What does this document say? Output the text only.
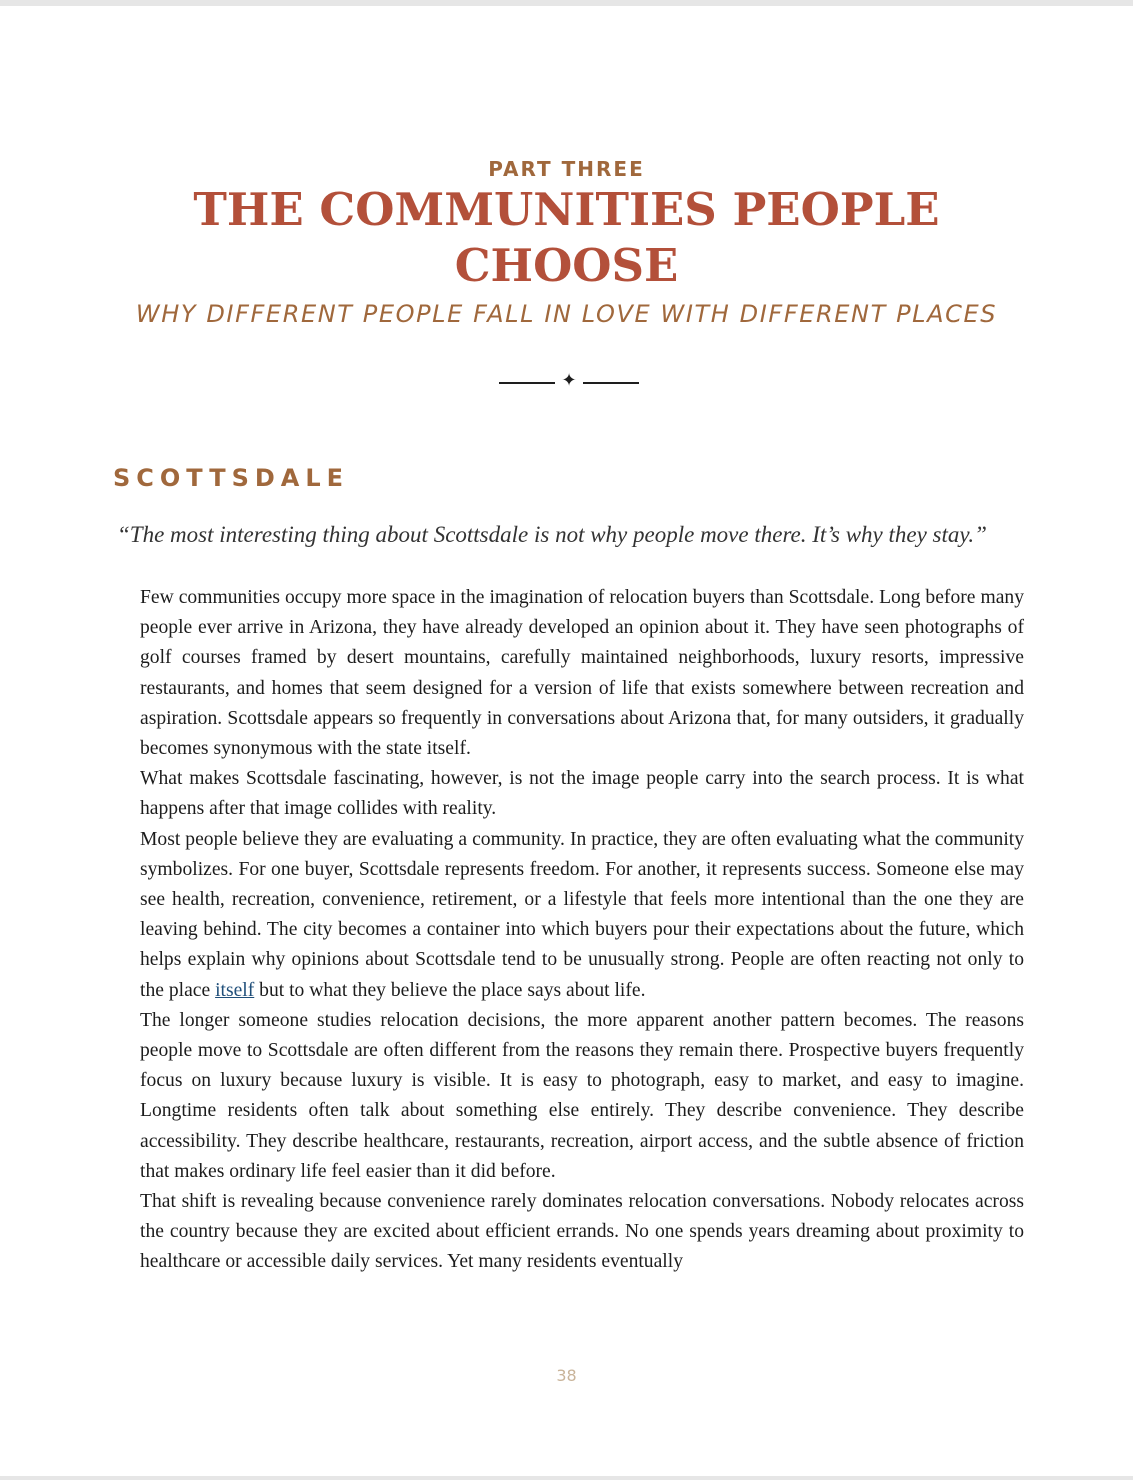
PART THREE
THE COMMUNITIES PEOPLE
CHOOSE
WHY DIFFERENT PEOPLE FALL IN LOVE WITH DIFFERENT PLACES
✦
SCOTTSDALE
“The most interesting thing about Scottsdale is not why people move there. It’s why they stay.”

Few communities occupy more space in the imagination of relocation buyers than Scottsdale. Long before many people ever arrive in Arizona, they have already developed an opinion about it. They have seen photographs of golf courses framed by desert mountains, carefully maintained neighborhoods, luxury resorts, impressive restaurants, and homes that seem designed for a version of life that exists somewhere between recreation and aspiration. Scottsdale appears so frequently in conversations about Arizona that, for many outsiders, it gradually becomes synonymous with the state itself.

What makes Scottsdale fascinating, however, is not the image people carry into the search process. It is what happens after that image collides with reality.

Most people believe they are evaluating a community. In practice, they are often evaluating what the community symbolizes. For one buyer, Scottsdale represents freedom. For another, it represents success. Someone else may see health, recreation, convenience, retirement, or a lifestyle that feels more intentional than the one they are leaving behind. The city becomes a container into which buyers pour their expectations about the future, which helps explain why opinions about Scottsdale tend to be unusually strong. People are often reacting not only to the place itself but to what they believe the place says about life.

The longer someone studies relocation decisions, the more apparent another pattern becomes. The reasons people move to Scottsdale are often different from the reasons they remain there. Prospective buyers frequently focus on luxury because luxury is visible. It is easy to photograph, easy to market, and easy to imagine. Longtime residents often talk about something else entirely. They describe convenience. They describe accessibility. They describe healthcare, restaurants, recreation, airport access, and the subtle absence of friction that makes ordinary life feel easier than it did before.

That shift is revealing because convenience rarely dominates relocation conversations. Nobody relocates across the country because they are excited about efficient errands. No one spends years dreaming about proximity to healthcare or accessible daily services. Yet many residents eventually

38
